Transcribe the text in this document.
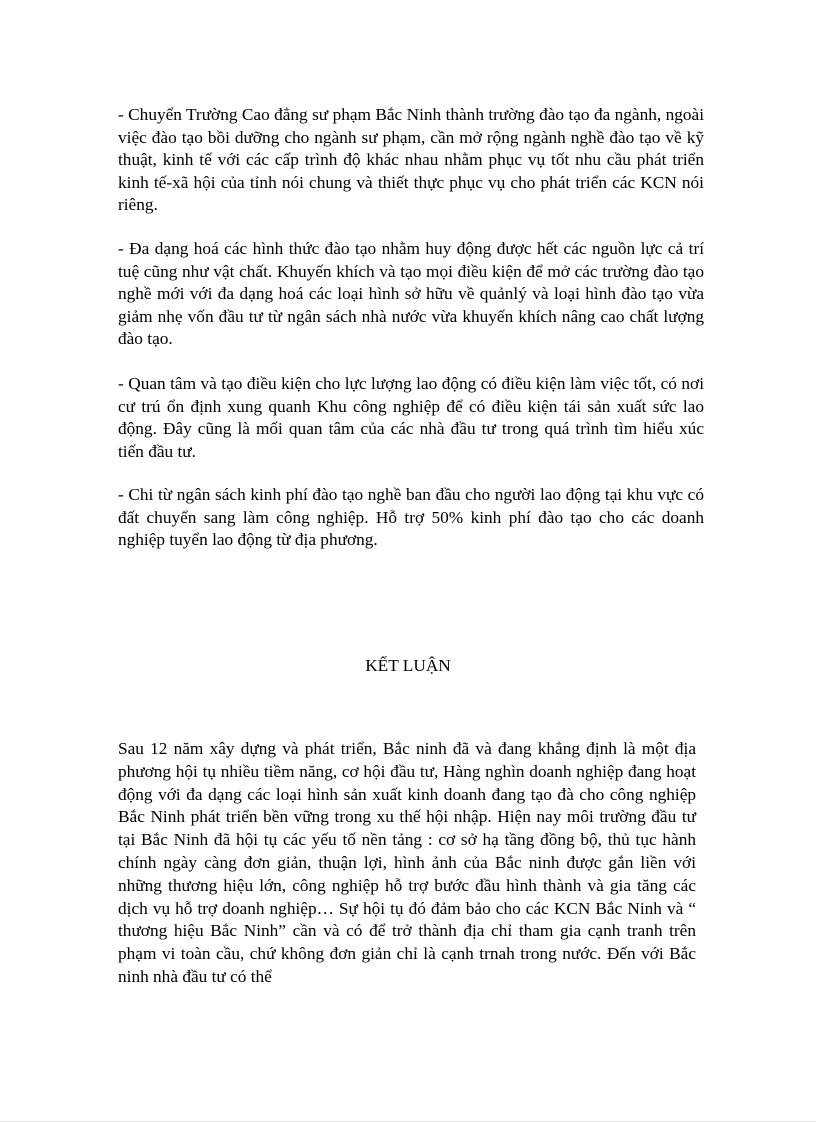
- Chuyển Trường Cao đẳng sư phạm Bắc Ninh thành trường đào tạo đa ngành, ngoài việc đào tạo bồi dưỡng cho ngành sư phạm, cần mở rộng ngành nghề đào tạo về kỹ thuật, kinh tế với các cấp trình độ khác nhau nhằm phục vụ tốt nhu cầu phát triển kinh tế-xã hội của tỉnh nói chung và thiết thực phục vụ cho phát triển các KCN nói riêng.

- Đa dạng hoá các hình thức đào tạo nhằm huy động được hết các nguồn lực cả trí tuệ cũng như vật chất. Khuyến khích và tạo mọi điều kiện để mở các trường đào tạo nghề mới với đa dạng hoá các loại hình sở hữu về quảnlý và loại hình đào tạo vừa giảm nhẹ vốn đầu tư từ ngân sách nhà nước vừa khuyến khích nâng cao chất lượng đào tạo.

- Quan tâm và tạo điều kiện cho lực lượng lao động có điều kiện làm việc tốt, có nơi cư trú ổn định xung quanh Khu công nghiệp để có điều kiện tái sản xuất sức lao động. Đây cũng là mối quan tâm của các nhà đầu tư trong quá trình tìm hiểu xúc tiến đầu tư.

- Chi từ ngân sách kinh phí đào tạo nghề ban đầu cho người lao động tại khu vực có đất chuyển sang làm công nghiệp. Hỗ trợ 50% kinh phí đào tạo cho các doanh nghiệp tuyển lao động từ địa phương.

KẾT LUẬN

Sau 12 năm xây dựng và phát triển, Bắc ninh đã và đang khẳng định là một địa phương hội tụ nhiều tiềm năng, cơ hội đầu tư, Hàng nghìn doanh nghiệp đang hoạt động với đa dạng các loại hình sản xuất kinh doanh đang tạo đà cho công nghiệp Bắc Ninh phát triển bền vững trong xu thế hội nhập. Hiện nay môi trường đầu tư tại Bắc Ninh đã hội tụ các yếu tố nền tảng : cơ sở hạ tầng đồng bộ, thủ tục hành chính ngày càng đơn giản, thuận lợi, hình ảnh của Bắc ninh được gắn liền với những thương hiệu lớn, công nghiệp hỗ trợ bước đầu hình thành và gia tăng các dịch vụ hỗ trợ doanh nghiệp… Sự hội tụ đó đảm bảo cho các KCN Bắc Ninh và “ thương hiệu Bắc Ninh” cần và có để trở thành địa chỉ tham gia cạnh tranh trên phạm vi toàn cầu, chứ không đơn giản chỉ là cạnh trnah trong nước. Đến với Bắc ninh nhà đầu tư có thể
